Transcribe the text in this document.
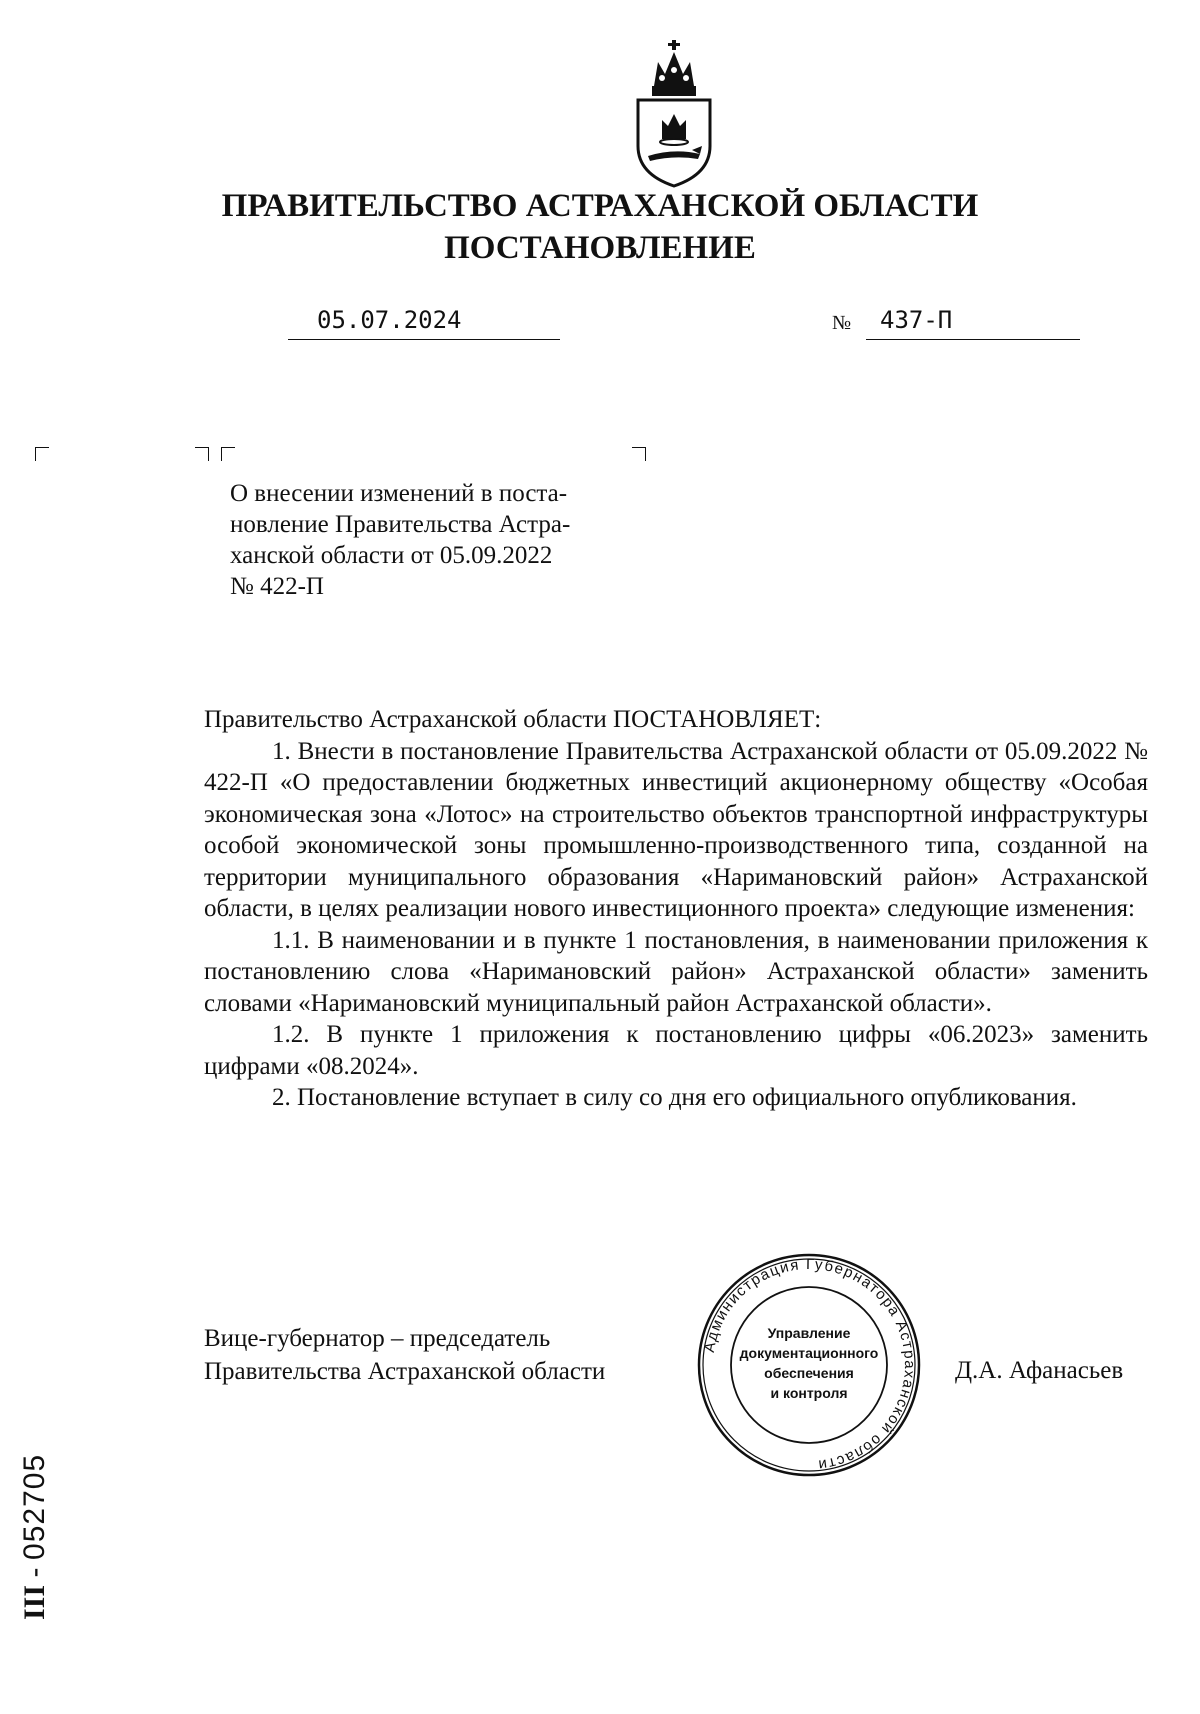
ПРАВИТЕЛЬСТВО АСТРАХАНСКОЙ ОБЛАСТИ
ПОСТАНОВЛЕНИЕ
05.07.2024	№ 437-П
О внесении изменений в поста-
новление Правительства Астра-
ханской области от 05.09.2022
№ 422-П

Правительство Астраханской области ПОСТАНОВЛЯЕТ:

1. Внести в постановление Правительства Астраханской области от 05.09.2022 № 422-П «О предоставлении бюджетных инвестиций акционерному обществу «Особая экономическая зона «Лотос» на строительство объектов транспортной инфраструктуры особой экономической зоны промышленно-производственного типа, созданной на территории муниципального образования «Наримановский район» Астраханской области, в целях реализации нового инвестиционного проекта» следующие изменения:

1.1. В наименовании и в пункте 1 постановления, в наименовании приложения к постановлению слова «Наримановский район» Астраханской области» заменить словами «Наримановский муниципальный район Астраханской области».

1.2. В пункте 1 приложения к постановлению цифры «06.2023» заменить цифрами «08.2024».

2. Постановление вступает в силу со дня его официального опубликования.

Вице-губернатор – председатель
Правительства Астраханской области	Д.А. Афанасьев
Администрация Губернатора Астраханской области
Управление
документационного
обеспечения
и контроля
III - 052705
